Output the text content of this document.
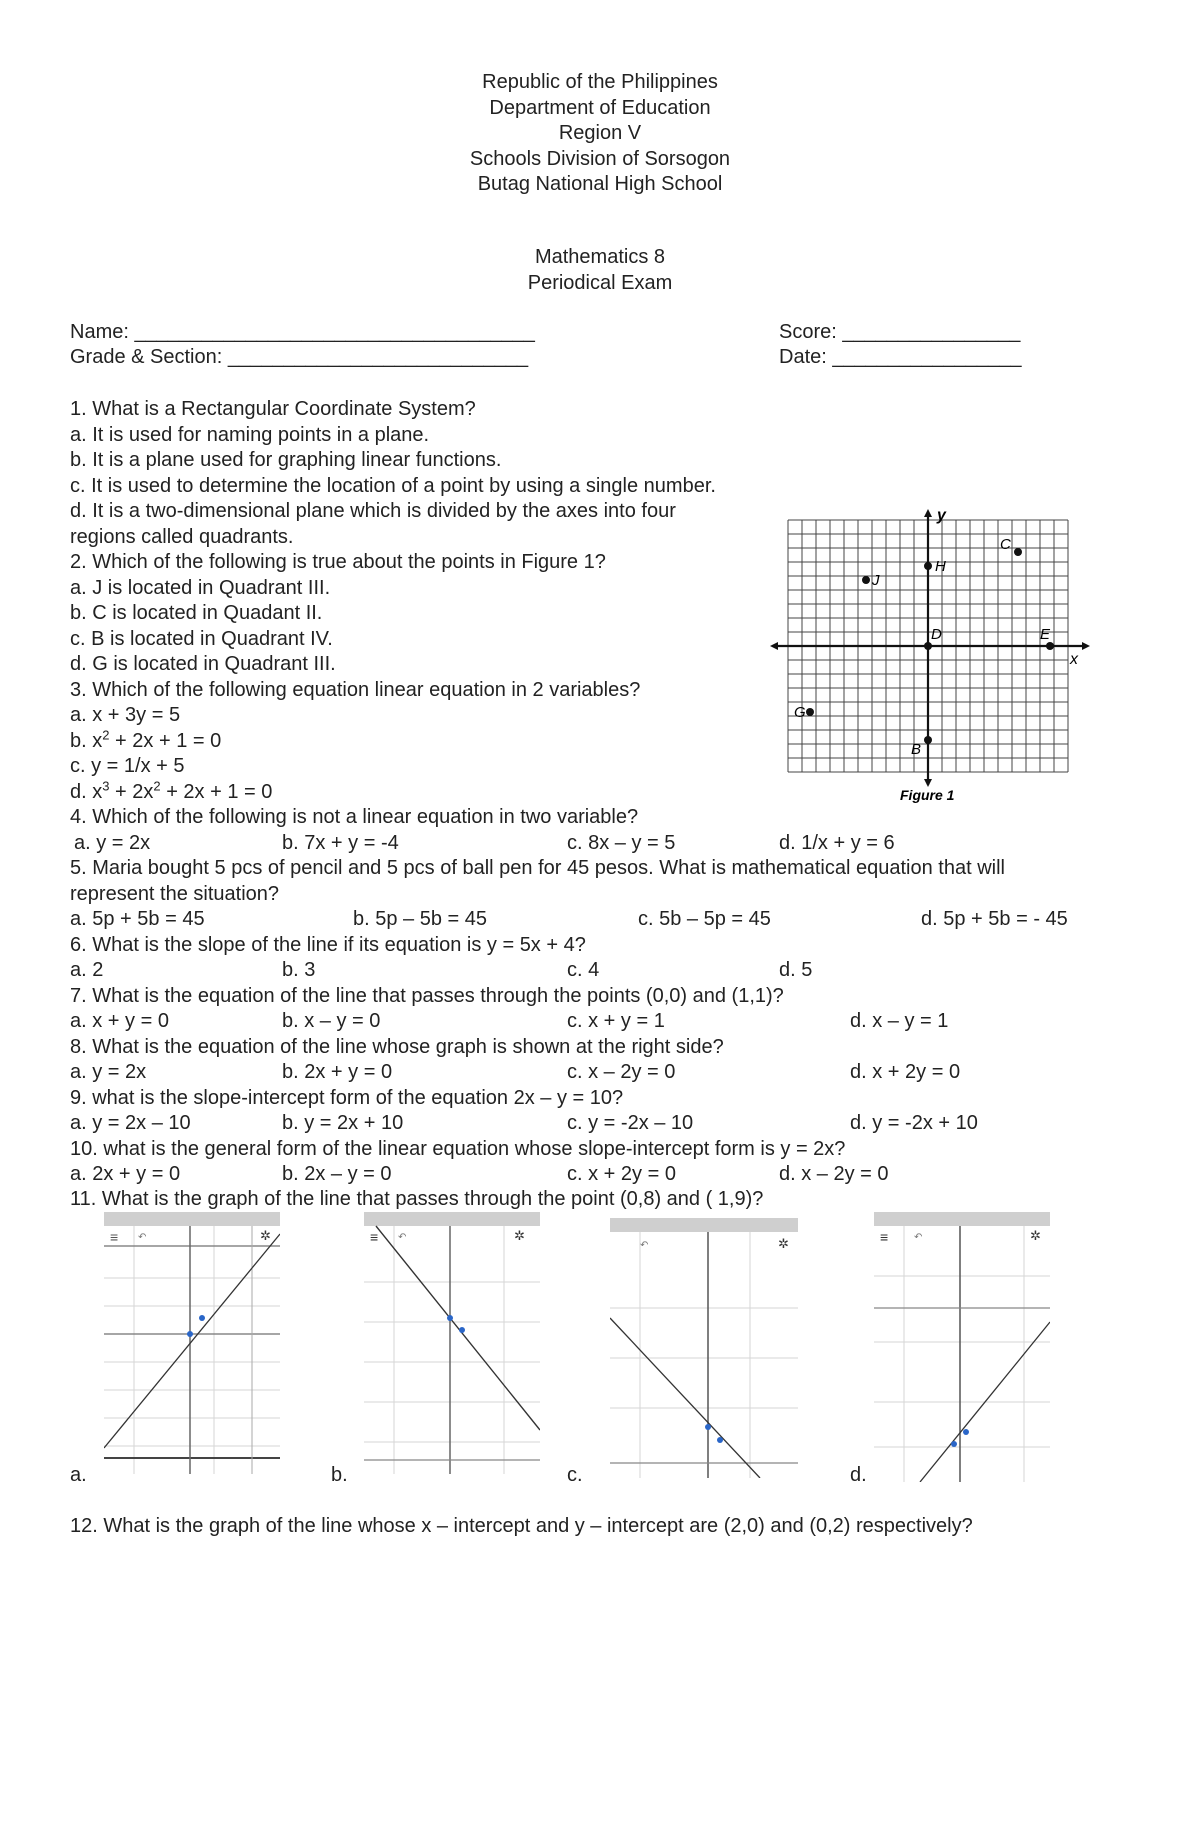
Republic of the Philippines
Department of Education
Region V
Schools Division of Sorsogon
Butag National High School
Mathematics 8
Periodical Exam
Name: ____________________________________
Grade & Section: ___________________________
Score: ________________
Date: _________________
1. What is a Rectangular Coordinate System?
a. It is used for naming points in a plane.
b. It is a plane used for graphing linear functions.
c. It is used to determine the location of a point by using a single number.
d. It is a two-dimensional plane which is divided by the axes into four
regions called quadrants.
2. Which of the following is true about the points in Figure 1?
a. J is located in Quadrant III.
b. C is located in Quadant II.
c. B is located in Quadrant IV.
d. G is located in Quadrant III.
3. Which of the following equation linear equation in 2 variables?
a. x + 3y = 5
b. $x^2 + 2x + 1 = 0$
c. y = 1/x + 5
d. $x^3 + 2x^2 + 2x + 1 = 0$
y
x
C
H
J
D	E
G
B
Figure 1
4. Which of the following is not a linear equation in two variable?
a. y = 2x	b. 7x + y = -4	c. 8x – y = 5	d. 1/x + y = 6
5. Maria bought 5 pcs of pencil and 5 pcs of ball pen for 45 pesos. What is mathematical equation that will
represent the situation?
a. 5p + 5b = 45	b. 5p – 5b = 45	c. 5b – 5p = 45	d. 5p + 5b = - 45
6. What is the slope of the line if its equation is y = 5x + 4?
a. 2	b. 3	c. 4	d. 5
7. What is the equation of the line that passes through the points (0,0) and (1,1)?
a. x + y = 0	b. x – y = 0	c. x + y = 1	d. x – y = 1
8. What is the equation of the line whose graph is shown at the right side?
a. y = 2x	b. 2x + y = 0	c. x – 2y = 0	d. x + 2y = 0
9. what is the slope-intercept form of the equation 2x – y = 10?
a. y = 2x – 10	b. y = 2x + 10	c. y = -2x – 10	d. y = -2x + 10
10. what is the general form of the linear equation whose slope-intercept form is y = 2x?
a. 2x + y = 0	b. 2x – y = 0	c. x + 2y = 0	d. x – 2y = 0
≡ ↶	✲	≡ ↶	✲
↶	✲	≡	↶	✲
11. What is the graph of the line that passes through the point (0,8) and ( 1,9)?
a.	b.	c.	d.
12. What is the graph of the line whose x – intercept and y – intercept are (2,0) and (0,2) respectively?
